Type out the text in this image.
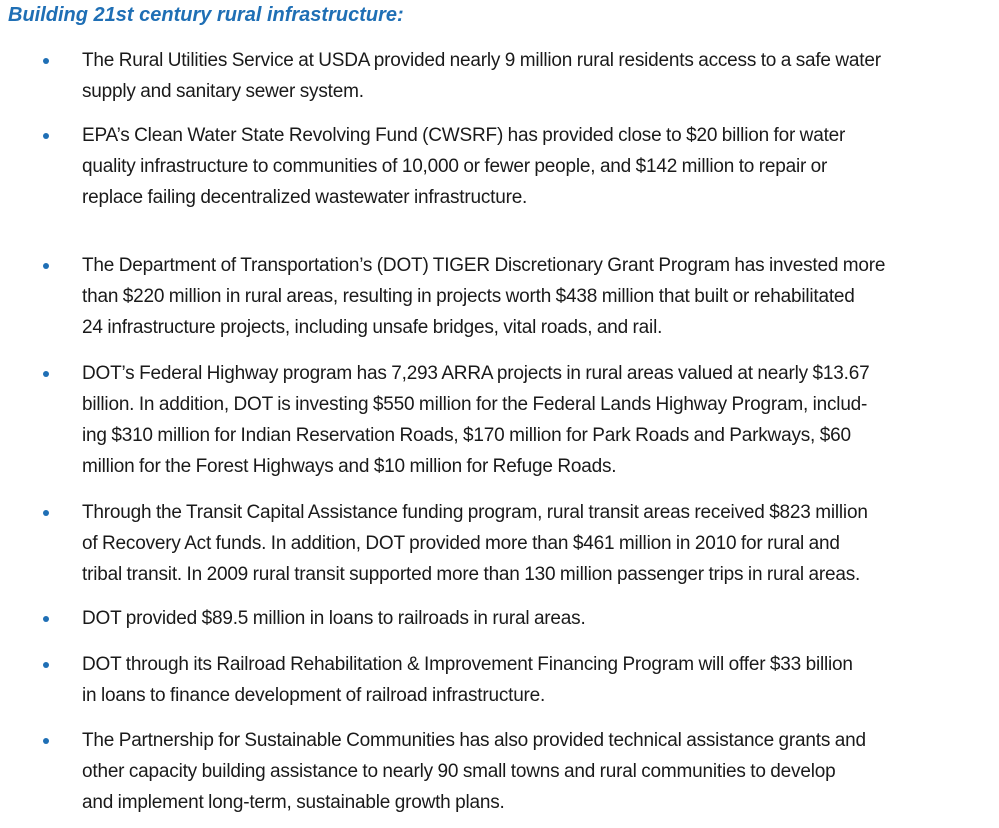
Building 21st century rural infrastructure:

The Rural Utilities Service at USDA provided nearly 9 million rural residents access to a safe water
supply and sanitary sewer system.

EPA’s Clean Water State Revolving Fund (CWSRF) has provided close to $20 billion for water
quality infrastructure to communities of 10,000 or fewer people, and $142 million to repair or
replace failing decentralized wastewater infrastructure.

The Department of Transportation’s (DOT) TIGER Discretionary Grant Program has invested more
than $220 million in rural areas, resulting in projects worth $438 million that built or rehabilitated
24 infrastructure projects, including unsafe bridges, vital roads, and rail.

DOT’s Federal Highway program has 7,293 ARRA projects in rural areas valued at nearly $13.67
billion. In addition, DOT is investing $550 million for the Federal Lands Highway Program, includ-
ing $310 million for Indian Reservation Roads, $170 million for Park Roads and Parkways, $60
million for the Forest Highways and $10 million for Refuge Roads.

Through the Transit Capital Assistance funding program, rural transit areas received $823 million
of Recovery Act funds. In addition, DOT provided more than $461 million in 2010 for rural and
tribal transit. In 2009 rural transit supported more than 130 million passenger trips in rural areas.

DOT provided $89.5 million in loans to railroads in rural areas.

DOT through its Railroad Rehabilitation & Improvement Financing Program will offer $33 billion
in loans to finance development of railroad infrastructure.

The Partnership for Sustainable Communities has also provided technical assistance grants and
other capacity building assistance to nearly 90 small towns and rural communities to develop
and implement long-term, sustainable growth plans.
